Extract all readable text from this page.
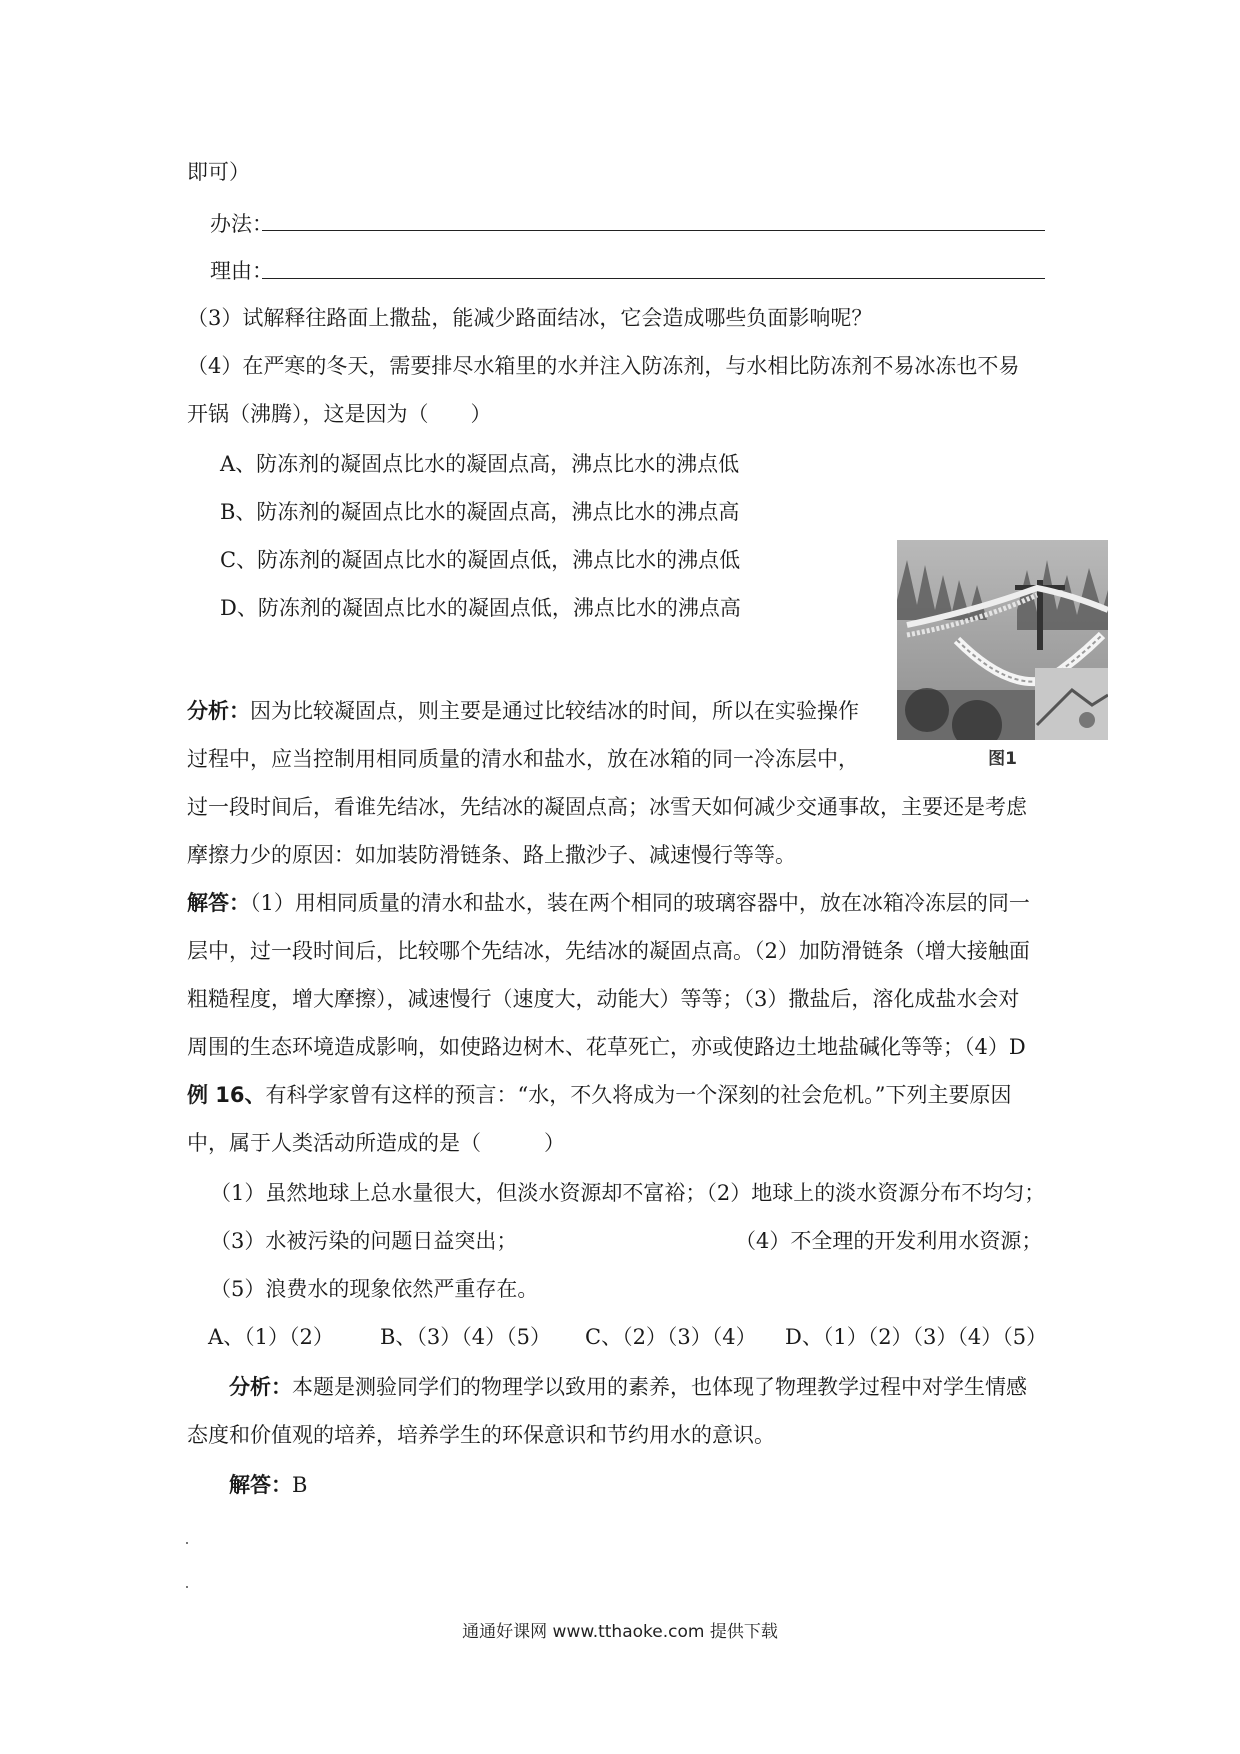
即可）
办法：
理由：
（3）试解释往路面上撒盐，能减少路面结冰，它会造成哪些负面影响呢？
（4）在严寒的冬天，需要排尽水箱里的水并注入防冻剂，与水相比防冻剂不易冰冻也不易
开锅（沸腾），这是因为（　　）
A、防冻剂的凝固点比水的凝固点高，沸点比水的沸点低
B、防冻剂的凝固点比水的凝固点高，沸点比水的沸点高
C、防冻剂的凝固点比水的凝固点低，沸点比水的沸点低
D、防冻剂的凝固点比水的凝固点低，沸点比水的沸点高
图1
分析：因为比较凝固点，则主要是通过比较结冰的时间，所以在实验操作
过程中，应当控制用相同质量的清水和盐水，放在冰箱的同一冷冻层中，
过一段时间后，看谁先结冰，先结冰的凝固点高；冰雪天如何减少交通事故，主要还是考虑
摩擦力少的原因：如加装防滑链条、路上撒沙子、减速慢行等等。
解答：（1）用相同质量的清水和盐水，装在两个相同的玻璃容器中，放在冰箱冷冻层的同一
层中，过一段时间后，比较哪个先结冰，先结冰的凝固点高。（2）加防滑链条（增大接触面
粗糙程度，增大摩擦），减速慢行（速度大，动能大）等等；（3）撒盐后，溶化成盐水会对
周围的生态环境造成影响，如使路边树木、花草死亡，亦或使路边土地盐碱化等等；（4）D
例 16、有科学家曾有这样的预言：“水，不久将成为一个深刻的社会危机。”下列主要原因
中，属于人类活动所造成的是（　　　）
（1）虽然地球上总水量很大，但淡水资源却不富裕；（2）地球上的淡水资源分布不均匀；
（3）水被污染的问题日益突出；	（4）不全理的开发利用水资源；
（5）浪费水的现象依然严重存在。
A、（1）（2） B、（3）（4）（5） C、（2）（3）（4） D、（1）（2）（3）（4）（5）
分析：本题是测验同学们的物理学以致用的素养，也体现了物理教学过程中对学生情感
态度和价值观的培养，培养学生的环保意识和节约用水的意识。
解答：B
通通好课网 www.tthaoke.com 提供下载
